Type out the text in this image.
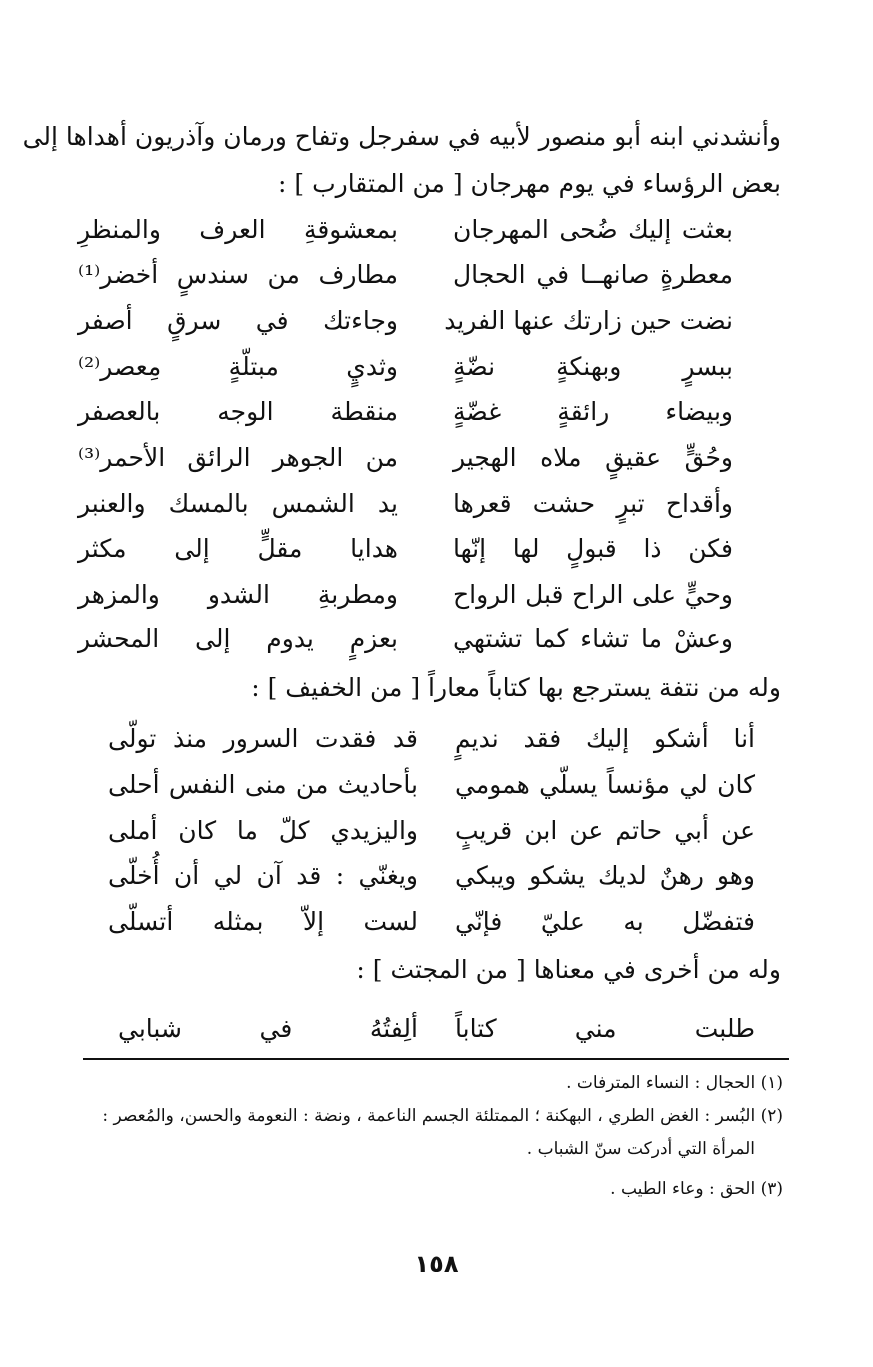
وأنشدني ابنه أبو منصور لأبيه في سفرجل وتفاح ورمان وآذريون أهداها إلى
بعض الرؤساء في يوم مهرجان [ من المتقارب ] :
بعثت إليك ضُحى المهرجان
بمعشوقةِ العرف والمنظرِ
معطرةٍ صانهــا في الحجال
مطارف من سندسٍ أخضر⁽¹⁾
نضت حين زارتك عنها الفريد
وجاءتك في سرقٍ أصفر
ببسرٍ وبهنكةٍ نضّةٍ
وثديٍ مبتلّةٍ مِعصر⁽²⁾
وبيضاء رائقةٍ غضّةٍ
منقطة الوجه بالعصفر
وحُقٍّ عقيقٍ ملاه الهجير
من الجوهر الرائق الأحمر⁽³⁾
وأقداح تبرٍ حشت قعرها
يد الشمس بالمسك والعنبر
فكن ذا قبولٍ لها إنّها
هدايا مقلٍّ إلى مكثر
وحيٍّ على الراح قبل الرواح
ومطربةِ الشدو والمزهر
وعشْ ما تشاء كما تشتهي
بعزمٍ يدوم إلى المحشر
وله من نتفة يسترجع بها كتاباً معاراً [ من الخفيف ] :
أنا أشكو إليك فقد نديمٍ
قد فقدت السرور منذ تولّى
كان لي مؤنساً يسلّي همومي
بأحاديث من منى النفس أحلى
عن أبي حاتم عن ابن قريبٍ
واليزيدي كلّ ما كان أملى
وهو رهنٌ لديك يشكو ويبكي
ويغنّي : قد آن لي أن أُخلّى
فتفضّل به عليّ فإنّي
لست إلاّ بمثله أتسلّى
وله من أخرى في معناها [ من المجتث ] :
طلبت مني كتاباً
ألِفتُهُ في شبابي
(١) الحجال : النساء المترفات .
(٢) البُسر : الغض الطري ، البهكنة ؛ الممتلئة الجسم الناعمة ، ونضة : النعومة والحسن، والمُعصر :
المرأة التي أدركت سنّ الشباب .
(٣) الحق : وعاء الطيب .
١٥٨
